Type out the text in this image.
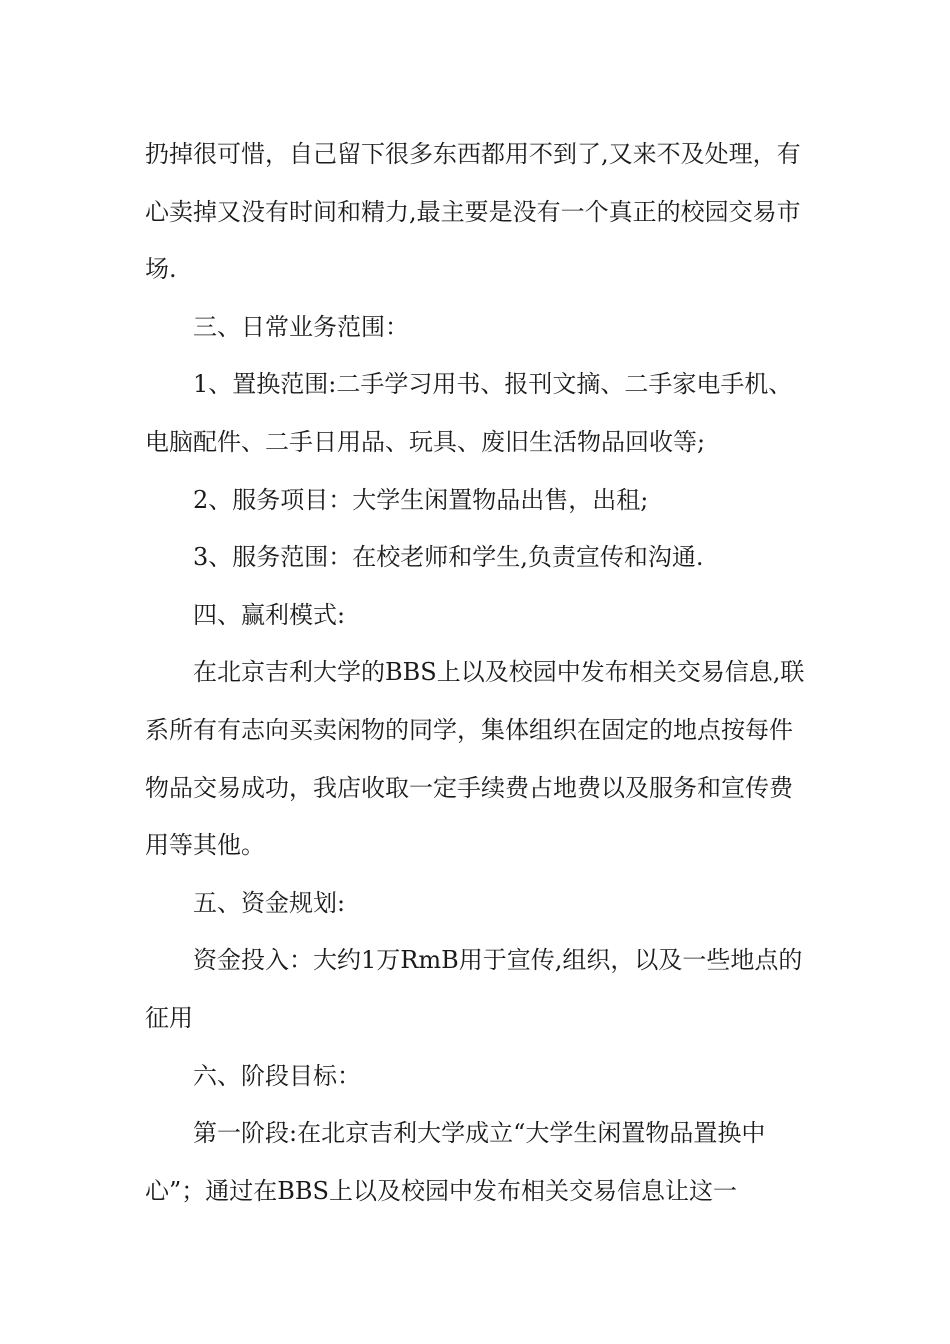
扔掉很可惜，自己留下很多东西都用不到了,又来不及处理，有心卖掉又没有时间和精力,最主要是没有一个真正的校园交易市场.

三、日常业务范围：

1、置换范围:二手学习用书、报刊文摘、二手家电手机、电脑配件、二手日用品、玩具、废旧生活物品回收等;

2、服务项目：大学生闲置物品出售，出租;

3、服务范围：在校老师和学生,负责宣传和沟通.

四、赢利模式:

在北京吉利大学的BBS上以及校园中发布相关交易信息,联系所有有志向买卖闲物的同学，集体组织在固定的地点按每件物品交易成功，我店收取一定手续费占地费以及服务和宣传费用等其他。

五、资金规划:

资金投入：大约1万RmB用于宣传,组织，以及一些地点的征用

六、阶段目标：

第一阶段:在北京吉利大学成立“大学生闲置物品置换中心”；通过在BBS上以及校园中发布相关交易信息让这一
